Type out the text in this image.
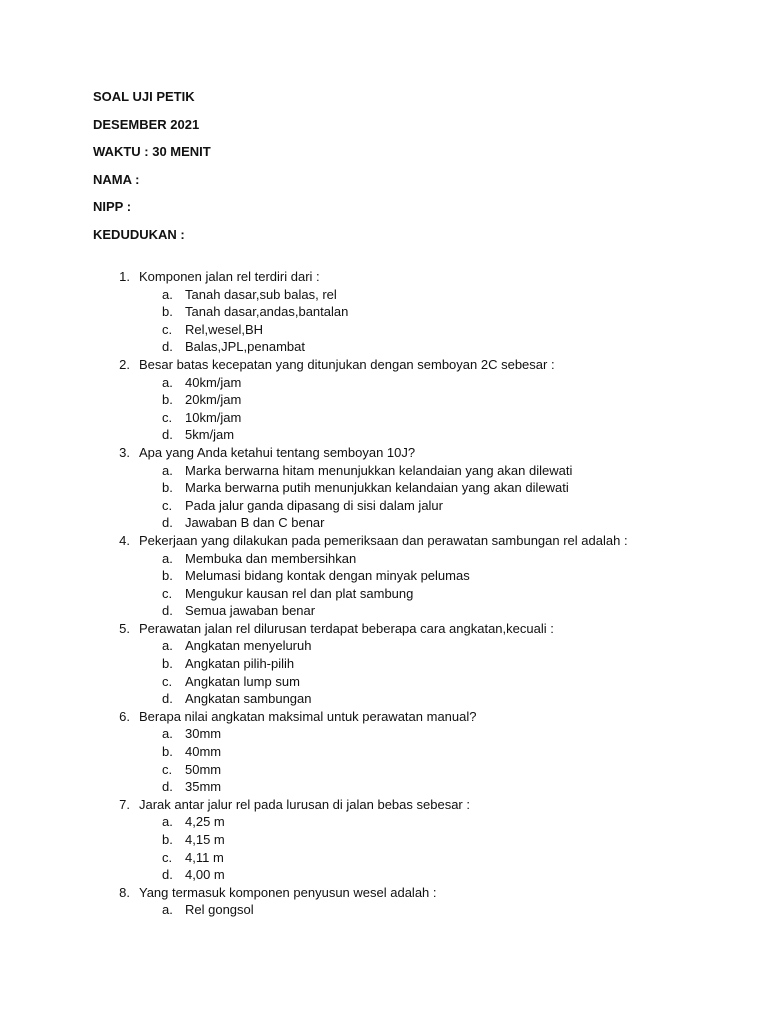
SOAL UJI PETIK
DESEMBER 2021
WAKTU : 30 MENIT
NAMA :
NIPP :
KEDUDUKAN :
1. Komponen jalan rel terdiri dari :
a. Tanah dasar,sub balas, rel
b. Tanah dasar,andas,bantalan
c. Rel,wesel,BH
d. Balas,JPL,penambat
2. Besar batas kecepatan yang ditunjukan dengan semboyan 2C sebesar :
a. 40km/jam
b. 20km/jam
c. 10km/jam
d. 5km/jam
3. Apa yang Anda ketahui tentang semboyan 10J?
a. Marka berwarna hitam menunjukkan kelandaian yang akan dilewati
b. Marka berwarna putih menunjukkan kelandaian yang akan dilewati
c. Pada jalur ganda dipasang di sisi dalam jalur
d. Jawaban B dan C benar
4. Pekerjaan yang dilakukan pada pemeriksaan dan perawatan sambungan rel adalah :
a. Membuka dan membersihkan
b. Melumasi bidang kontak dengan minyak pelumas
c. Mengukur kausan rel dan plat sambung
d. Semua jawaban benar
5. Perawatan jalan rel dilurusan terdapat beberapa cara angkatan,kecuali :
a. Angkatan menyeluruh
b. Angkatan pilih-pilih
c. Angkatan lump sum
d. Angkatan sambungan
6. Berapa nilai angkatan maksimal untuk perawatan manual?
a. 30mm
b. 40mm
c. 50mm
d. 35mm
7. Jarak antar jalur rel pada lurusan di jalan bebas sebesar :
a. 4,25 m
b. 4,15 m
c. 4,11 m
d. 4,00 m
8. Yang termasuk komponen penyusun wesel adalah :
a. Rel gongsol
